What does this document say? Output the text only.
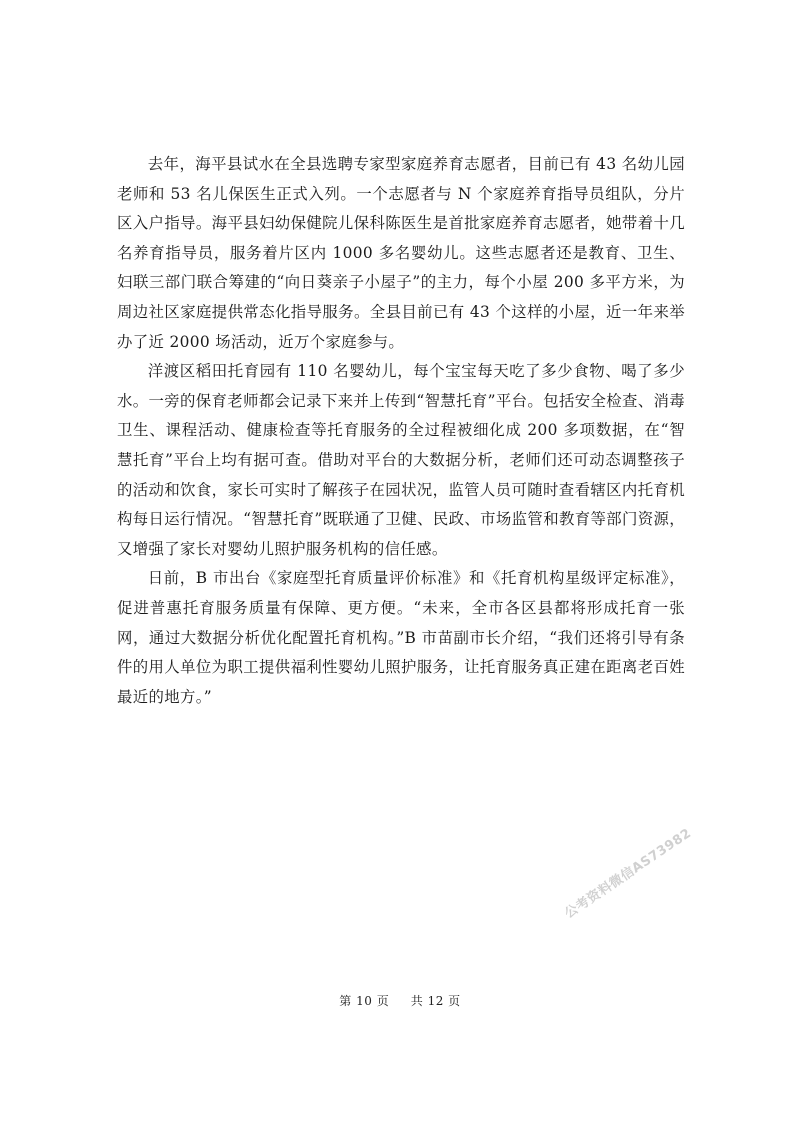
去年，海平县试水在全县选聘专家型家庭养育志愿者，目前已有 43 名幼儿园老师和 53 名儿保医生正式入列。一个志愿者与 N 个家庭养育指导员组队，分片区入户指导。海平县妇幼保健院儿保科陈医生是首批家庭养育志愿者，她带着十几名养育指导员，服务着片区内 1000 多名婴幼儿。这些志愿者还是教育、卫生、妇联三部门联合筹建的“向日葵亲子小屋子”的主力，每个小屋 200 多平方米，为周边社区家庭提供常态化指导服务。全县目前已有 43 个这样的小屋，近一年来举办了近 2000 场活动，近万个家庭参与。

洋渡区稻田托育园有 110 名婴幼儿，每个宝宝每天吃了多少食物、喝了多少水。一旁的保育老师都会记录下来并上传到“智慧托育”平台。包括安全检查、消毒卫生、课程活动、健康检查等托育服务的全过程被细化成 200 多项数据，在“智慧托育”平台上均有据可查。借助对平台的大数据分析，老师们还可动态调整孩子的活动和饮食，家长可实时了解孩子在园状况，监管人员可随时查看辖区内托育机构每日运行情况。“智慧托育”既联通了卫健、民政、市场监管和教育等部门资源，又增强了家长对婴幼儿照护服务机构的信任感。

日前，B 市出台《家庭型托育质量评价标准》和《托育机构星级评定标准》，促进普惠托育服务质量有保障、更方便。“未来，全市各区县都将形成托育一张网，通过大数据分析优化配置托育机构。”B 市苗副市长介绍，“我们还将引导有条件的用人单位为职工提供福利性婴幼儿照护服务，让托育服务真正建在距离老百姓最近的地方。”

第 10 页 共 12 页
公考资料微信AS73982
